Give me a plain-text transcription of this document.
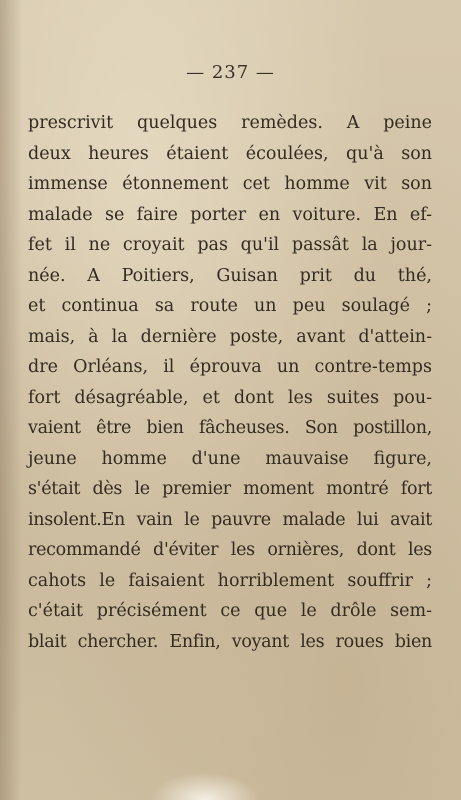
— 237 —
prescrivit quelques remèdes. A peine
deux heures étaient écoulées, qu'à son
immense étonnement cet homme vit son
malade se faire porter en voiture. En ef-
fet il ne croyait pas qu'il passât la jour-
née. A Poitiers, Guisan prit du thé,
et continua sa route un peu soulagé ;
mais, à la dernière poste, avant d'attein-
dre Orléans, il éprouva un contre-temps
fort désagréable, et dont les suites pou-
vaient être bien fâcheuses. Son postillon,
jeune homme d'une mauvaise figure,
s'était dès le premier moment montré fort
insolent.En vain le pauvre malade lui avait
recommandé d'éviter les ornières, dont les
cahots le faisaient horriblement souffrir ;
c'était précisément ce que le drôle sem-
blait chercher. Enfin, voyant les roues bien
